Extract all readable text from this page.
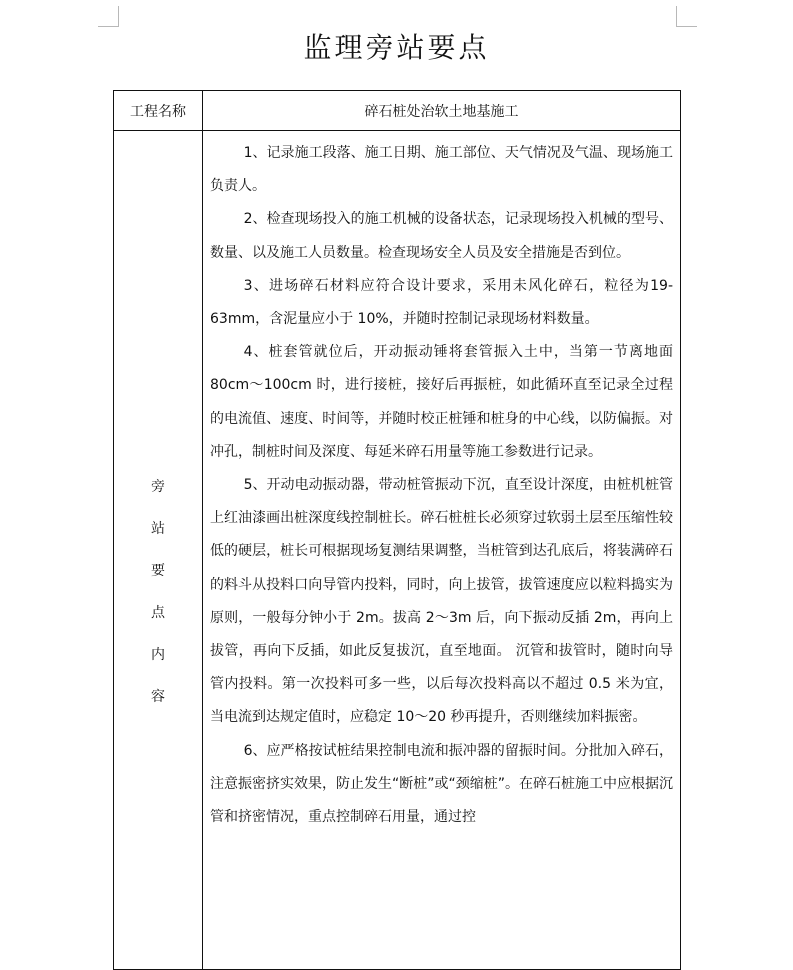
监理旁站要点
工程名称	碎石桩处治软土地基施工
旁
站
要
点
内
容

1、记录施工段落、施工日期、施工部位、天气情况及气温、现场施工负责人。

2、检查现场投入的施工机械的设备状态，记录现场投入机械的型号、数量、以及施工人员数量。检查现场安全人员及安全措施是否到位。

3、进场碎石材料应符合设计要求，采用未风化碎石，粒径为19-63mm，含泥量应小于 10%，并随时控制记录现场材料数量。

4、桩套管就位后，开动振动锤将套管振入土中，当第一节离地面 80cm～100cm 时，进行接桩，接好后再振桩，如此循环直至记录全过程的电流值、速度、时间等，并随时校正桩锤和桩身的中心线，以防偏振。对冲孔，制桩时间及深度、每延米碎石用量等施工参数进行记录。

5、开动电动振动器，带动桩管振动下沉，直至设计深度，由桩机桩管上红油漆画出桩深度线控制桩长。碎石桩桩长必须穿过软弱土层至压缩性较低的硬层，桩长可根据现场复测结果调整，当桩管到达孔底后，将装满碎石的料斗从投料口向导管内投料，同时，向上拔管，拔管速度应以粒料捣实为原则，一般每分钟小于 2m。拔高 2～3m 后，向下振动反插 2m，再向上拔管，再向下反插，如此反复拔沉，直至地面。 沉管和拔管时，随时向导管内投料。第一次投料可多一些，以后每次投料高以不超过 0.5 米为宜，当电流到达规定值时，应稳定 10～20 秒再提升，否则继续加料振密。

6、应严格按试桩结果控制电流和振冲器的留振时间。分批加入碎石，注意振密挤实效果，防止发生“断桩”或“颈缩桩”。在碎石桩施工中应根据沉管和挤密情况，重点控制碎石用量，通过控
